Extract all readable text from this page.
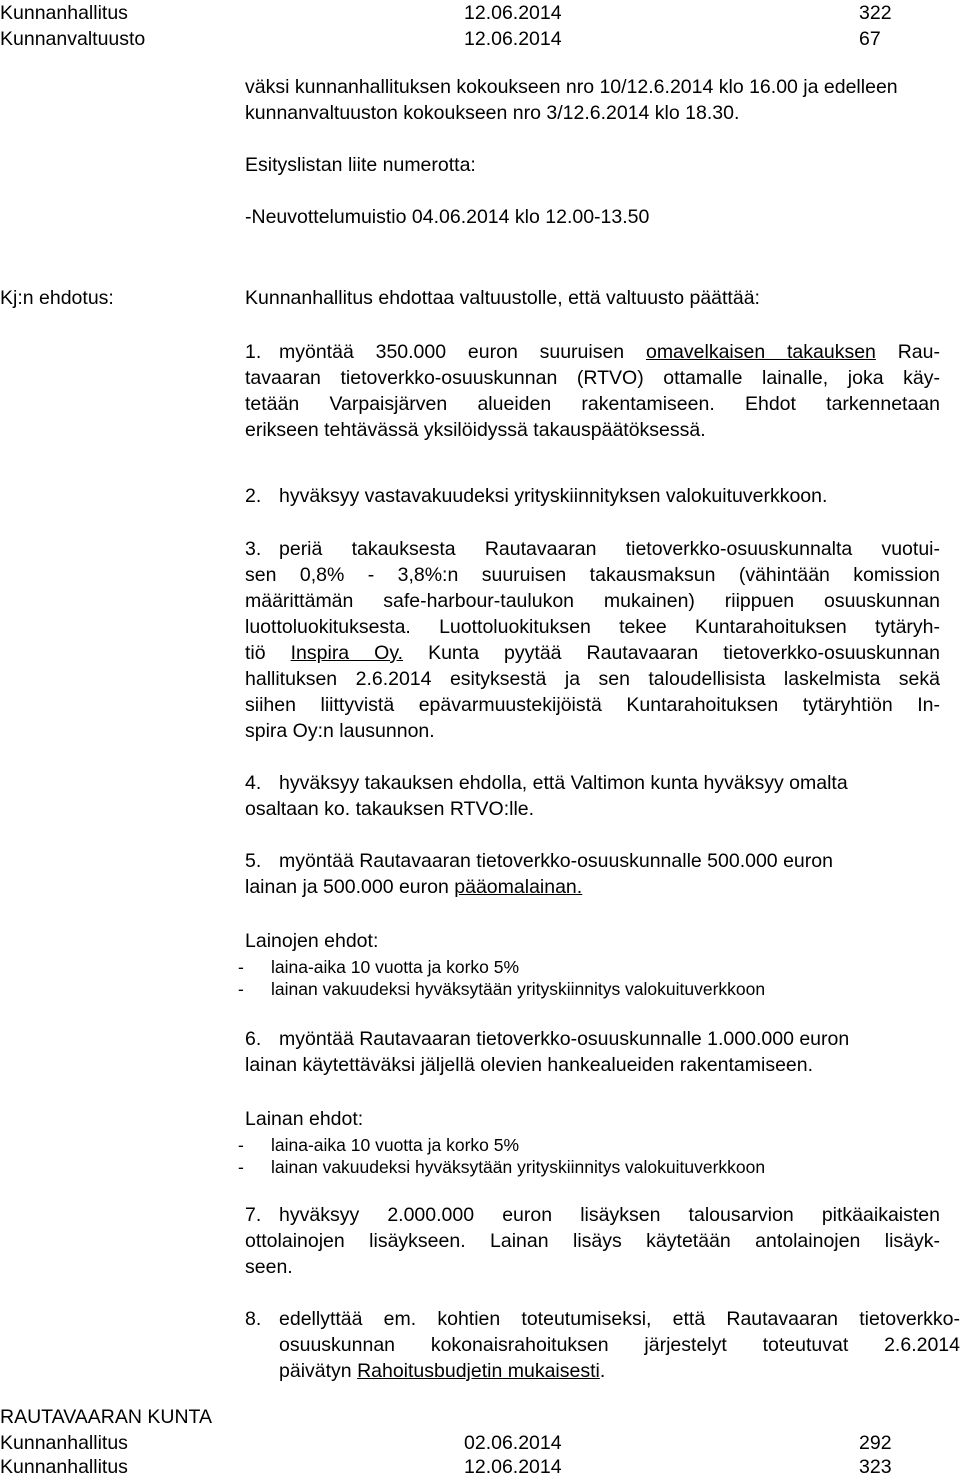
Kunnanhallitus	12.06.2014	322
Kunnanvaltuusto	12.06.2014	67
väksi kunnanhallituksen kokoukseen nro 10/12.6.2014 klo 16.00 ja edelleen
kunnanvaltuuston kokoukseen nro 3/12.6.2014 klo 18.30.
Esityslistan liite numerotta:
-Neuvottelumuistio 04.06.2014 klo 12.00-13.50
Kj:n ehdotus:	Kunnanhallitus ehdottaa valtuustolle, että valtuusto päättää:
1. myöntää 350.000 euron suuruisen omavelkaisen takauksen Rau-
tavaaran tietoverkko-osuuskunnan (RTVO) ottamalle lainalle, joka käy-
tetään Varpaisjärven alueiden rakentamiseen. Ehdot tarkennetaan
erikseen tehtävässä yksilöidyssä takauspäätöksessä.
2. hyväksyy vastavakuudeksi yrityskiinnityksen valokuituverkkoon.
3. periä takauksesta Rautavaaran tietoverkko-osuuskunnalta vuotui-
sen 0,8% - 3,8%:n suuruisen takausmaksun (vähintään komission
määrittämän safe-harbour-taulukon mukainen) riippuen osuuskunnan
luottoluokituksesta. Luottoluokituksen tekee Kuntarahoituksen tytäryh-
tiö Inspira Oy. Kunta pyytää Rautavaaran tietoverkko-osuuskunnan
hallituksen 2.6.2014 esityksestä ja sen taloudellisista laskelmista sekä
siihen liittyvistä epävarmuustekijöistä Kuntarahoituksen tytäryhtiön In-
spira Oy:n lausunnon.
4. hyväksyy takauksen ehdolla, että Valtimon kunta hyväksyy omalta
osaltaan ko. takauksen RTVO:lle.
5. myöntää Rautavaaran tietoverkko-osuuskunnalle 500.000 euron
lainan ja 500.000 euron pääomalainan.
Lainojen ehdot:
- laina-aika 10 vuotta ja korko 5%
- lainan vakuudeksi hyväksytään yrityskiinnitys valokuituverkkoon
6. myöntää Rautavaaran tietoverkko-osuuskunnalle 1.000.000 euron
lainan käytettäväksi jäljellä olevien hankealueiden rakentamiseen.
Lainan ehdot:
- laina-aika 10 vuotta ja korko 5%
- lainan vakuudeksi hyväksytään yrityskiinnitys valokuituverkkoon
7. hyväksyy 2.000.000 euron lisäyksen talousarvion pitkäaikaisten
ottolainojen lisäykseen. Lainan lisäys käytetään antolainojen lisäyk-
seen.
8. edellyttää em. kohtien toteutumiseksi, että Rautavaaran tietoverkko-
osuuskunnan kokonaisrahoituksen järjestelyt toteutuvat 2.6.2014
päivätyn Rahoitusbudjetin mukaisesti.
RAUTAVAARAN KUNTA
Kunnanhallitus	02.06.2014	292
Kunnanhallitus	12.06.2014	323
